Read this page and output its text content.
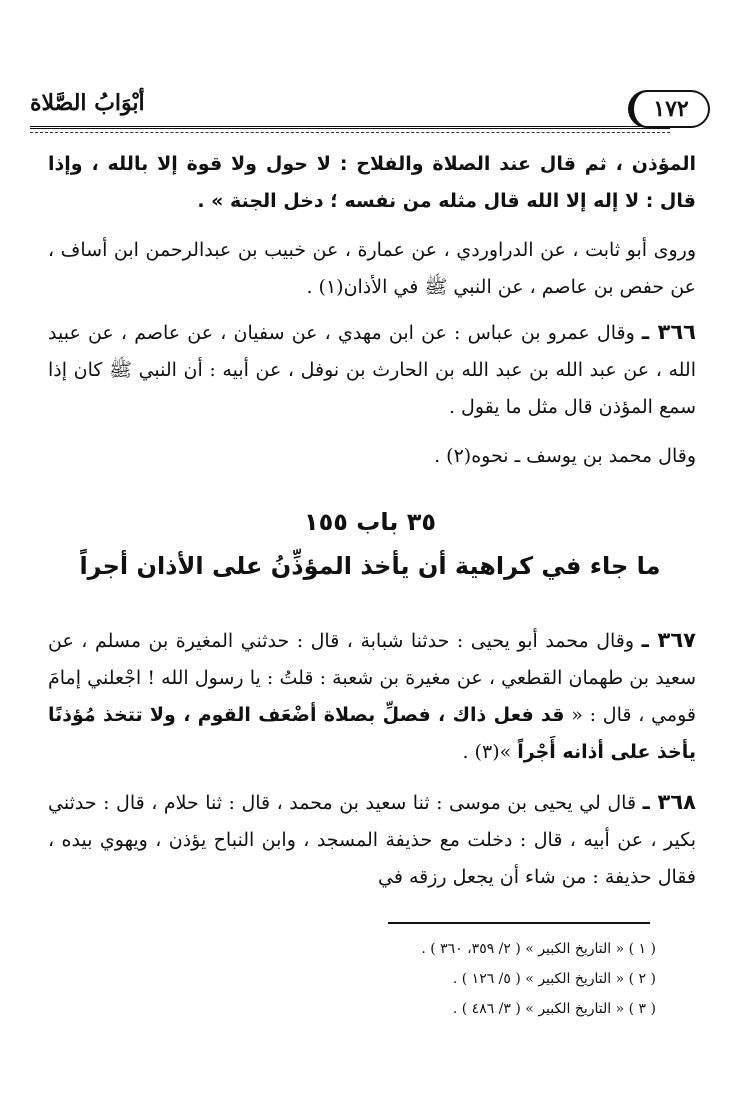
١٧٢
أبْوَابُ الصَّلاة
المؤذن ، ثم قال عند الصلاة والفلاح : لا حول ولا قوة إلا بالله ، وإذا قال : لا إله إلا الله قال مثله من نفسه ؛ دخل الجنة » .
وروى أبو ثابت ، عن الدراوردي ، عن عمارة ، عن خبيب بن عبدالرحمن ابن أساف ، عن حفص بن عاصم ، عن النبي ﷺ في الأذان(١) .
٣٦٦ ـ وقال عمرو بن عباس : عن ابن مهدي ، عن سفيان ، عن عاصم ، عن عبيد الله ، عن عبد الله بن عبد الله بن الحارث بن نوفل ، عن أبيه : أن النبي ﷺ كان إذا سمع المؤذن قال مثل ما يقول .
وقال محمد بن يوسف ـ نحوه(٢) .
٣٥ باب ١٥٥
ما جاء في كراهية أن يأخذ المؤذِّنُ على الأذان أجراً
٣٦٧ ـ وقال محمد أبو يحيى : حدثنا شبابة ، قال : حدثني المغيرة بن مسلم ، عن سعيد بن طهمان القطعي ، عن مغيرة بن شعبة : قلتُ : يا رسول الله ! اجْعلني إمامَ قومي ، قال : « قد فعل ذاك ، فصلِّ بصلاة أضْعَف القوم ، ولا تتخذ مُؤذنًا يأخذ على أذانه أَجْراً »(٣) .
٣٦٨ ـ قال لي يحيى بن موسى : ثنا سعيد بن محمد ، قال : ثنا حلام ، قال : حدثني بكير ، عن أبيه ، قال : دخلت مع حذيفة المسجد ، وابن النباح يؤذن ، ويهوي بيده ، فقال حذيفة : من شاء أن يجعل رزقه في
( ١ ) « التاريخ الكبير » ( ٢/ ٣٥٩، ٣٦٠ ) .
( ٢ ) « التاريخ الكبير » ( ٥/ ١٢٦ ) .
( ٣ ) « التاريخ الكبير » ( ٣/ ٤٨٦ ) .
